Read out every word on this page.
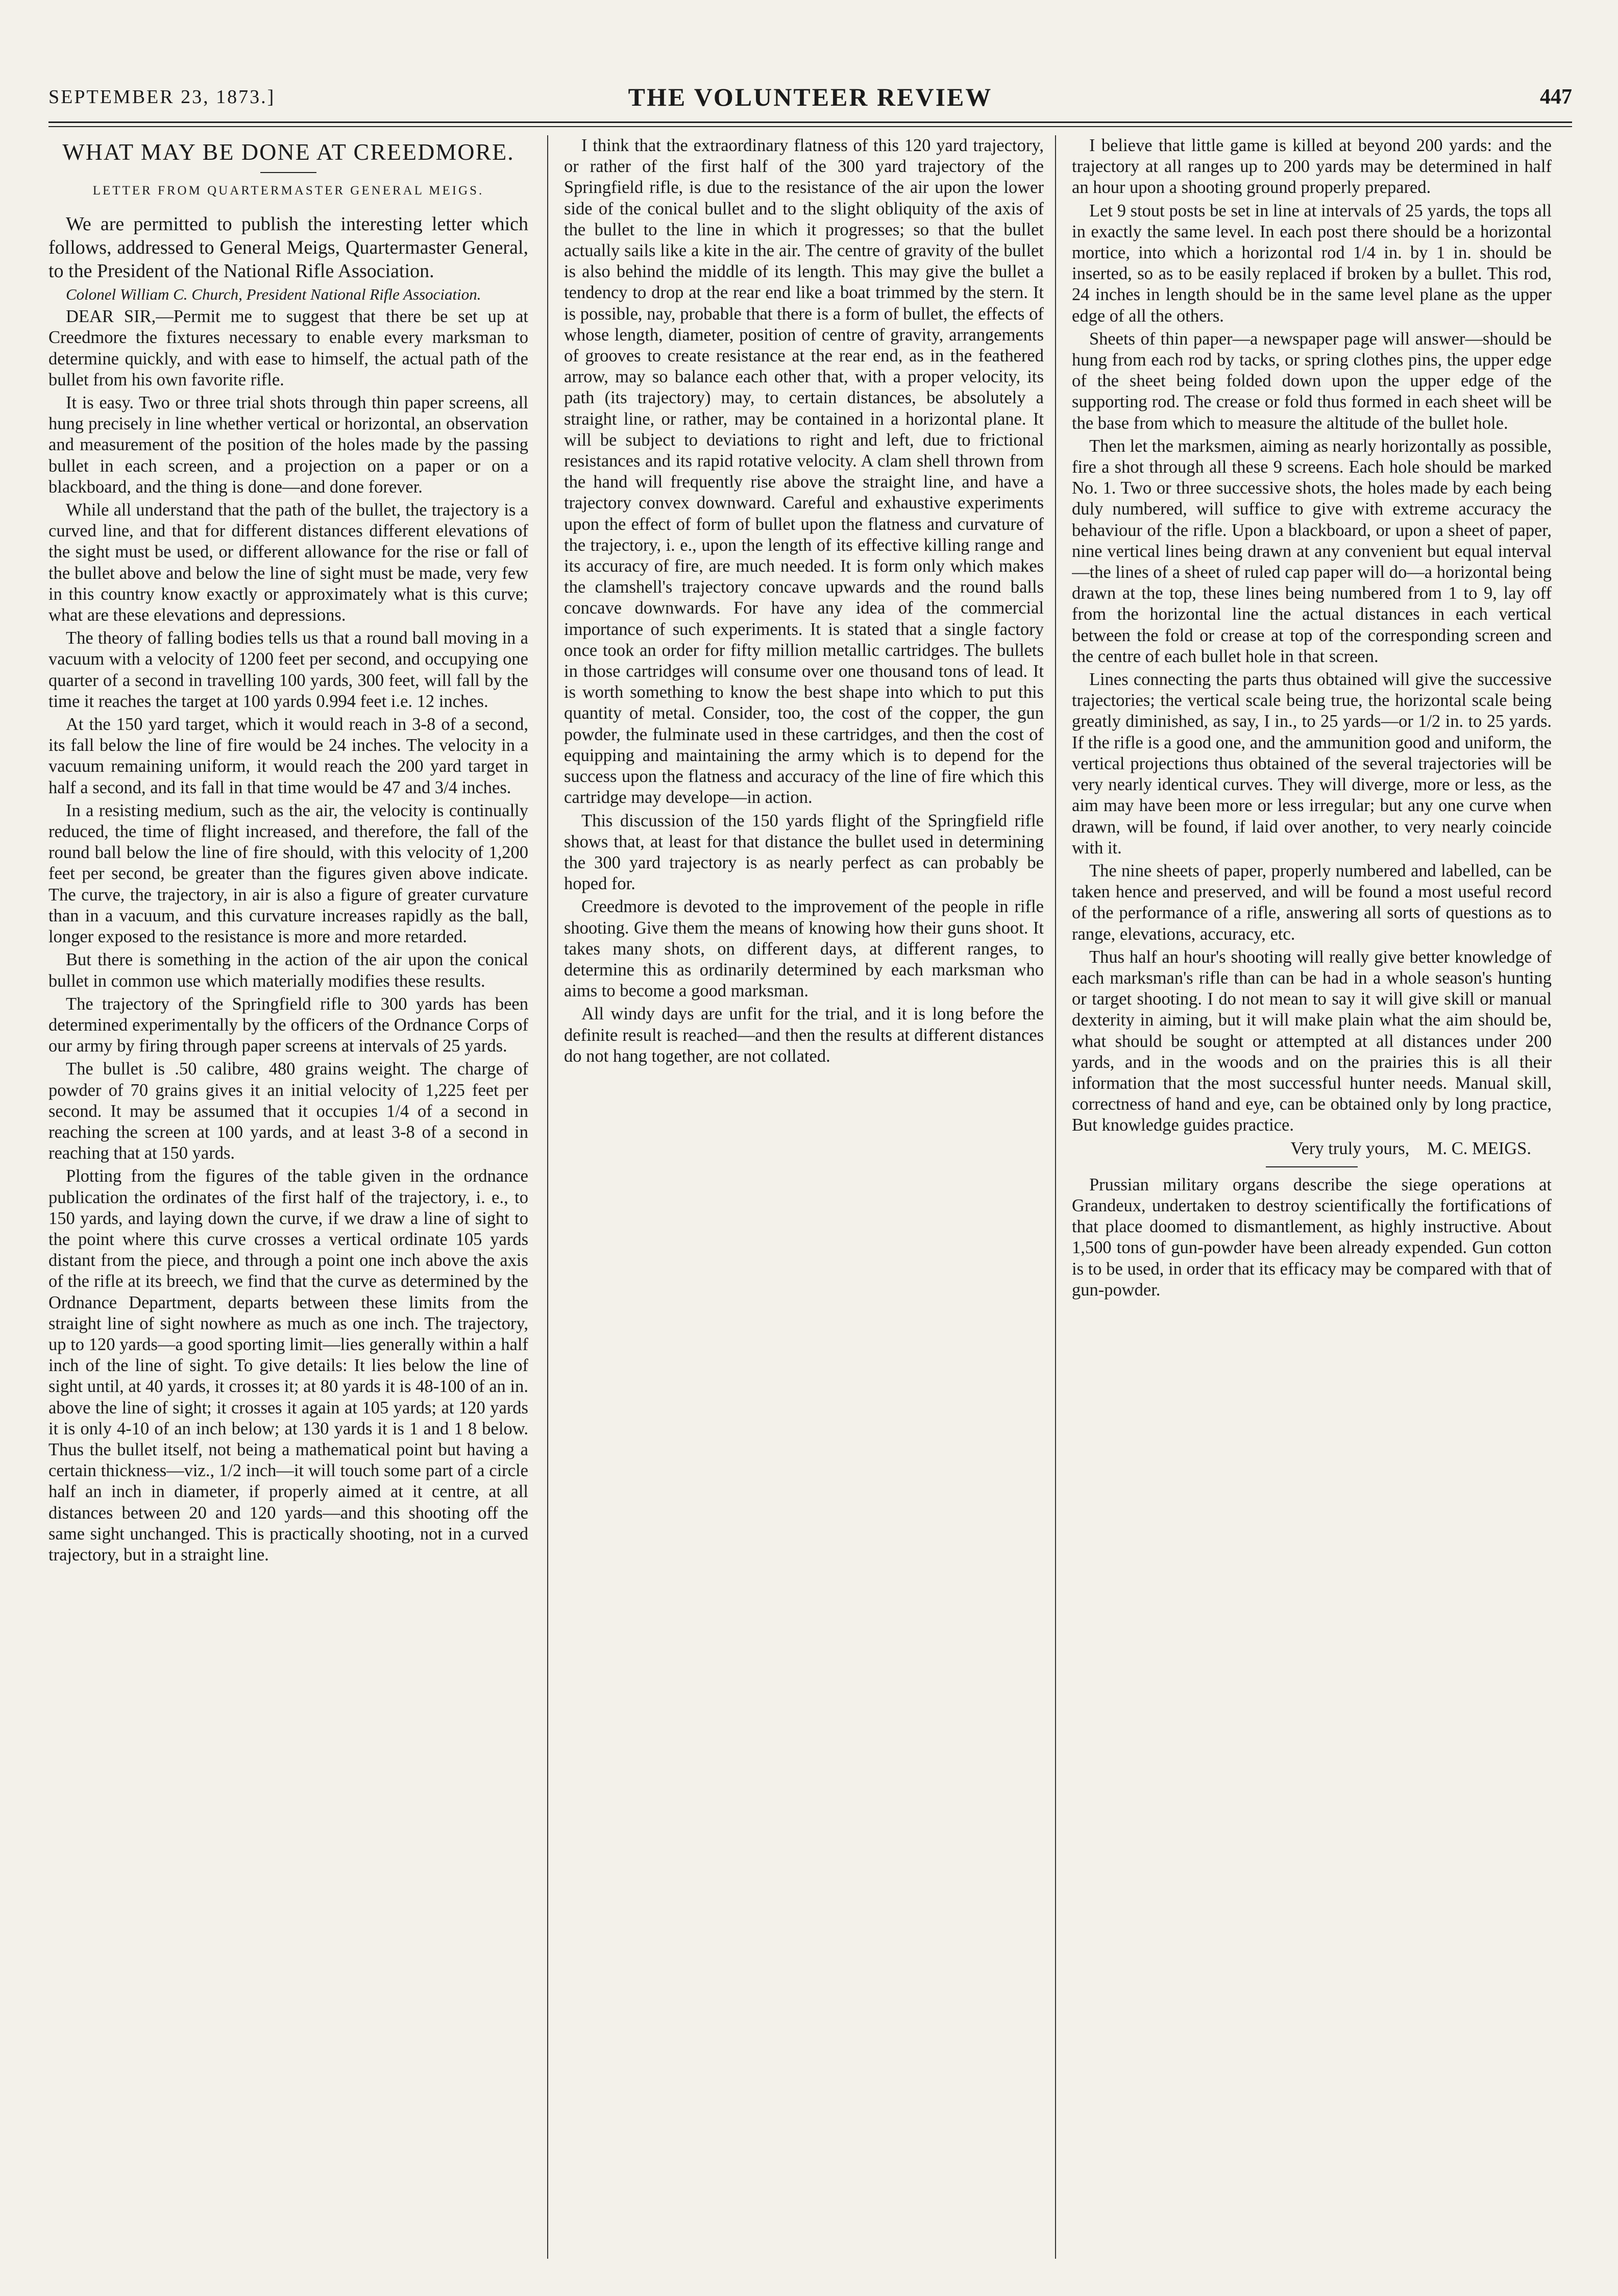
SEPTEMBER 23, 1873.]	THE VOLUNTEER REVIEW	447
WHAT MAY BE DONE AT CREEDMORE.
LETTER FROM QUARTERMASTER GENERAL MEIGS.

We are permitted to publish the interesting letter which follows, addressed to General Meigs, Quartermaster General, to the President of the National Rifle Association.

Colonel William C. Church, President National Rifle Association.

DEAR SIR,—Permit me to suggest that there be set up at Creedmore the fixtures necessary to enable every marksman to determine quickly, and with ease to himself, the actual path of the bullet from his own favorite rifle.

It is easy. Two or three trial shots through thin paper screens, all hung precisely in line whether vertical or horizontal, an observation and measurement of the position of the holes made by the passing bullet in each screen, and a projection on a paper or on a blackboard, and the thing is done—and done forever.

While all understand that the path of the bullet, the trajectory is a curved line, and that for different distances different elevations of the sight must be used, or different allowance for the rise or fall of the bullet above and below the line of sight must be made, very few in this country know exactly or approximately what is this curve; what are these elevations and depressions.

The theory of falling bodies tells us that a round ball moving in a vacuum with a velocity of 1200 feet per second, and occupying one quarter of a second in travelling 100 yards, 300 feet, will fall by the time it reaches the target at 100 yards 0.994 feet i.e. 12 inches.

At the 150 yard target, which it would reach in 3-8 of a second, its fall below the line of fire would be 24 inches. The velocity in a vacuum remaining uniform, it would reach the 200 yard target in half a second, and its fall in that time would be 47 and 3/4 inches.

In a resisting medium, such as the air, the velocity is continually reduced, the time of flight increased, and therefore, the fall of the round ball below the line of fire should, with this velocity of 1,200 feet per second, be greater than the figures given above indicate. The curve, the trajectory, in air is also a figure of greater curvature than in a vacuum, and this curvature increases rapidly as the ball, longer exposed to the resistance is more and more retarded.

But there is something in the action of the air upon the conical bullet in common use which materially modifies these results.

The trajectory of the Springfield rifle to 300 yards has been determined experimentally by the officers of the Ordnance Corps of our army by firing through paper screens at intervals of 25 yards.

The bullet is .50 calibre, 480 grains weight. The charge of powder of 70 grains gives it an initial velocity of 1,225 feet per second. It may be assumed that it occupies 1/4 of a second in reaching the screen at 100 yards, and at least 3-8 of a second in reaching that at 150 yards.

Plotting from the figures of the table given in the ordnance publication the ordinates of the first half of the trajectory, i. e., to 150 yards, and laying down the curve, if we draw a line of sight to the point where this curve crosses a vertical ordinate 105 yards distant from the piece, and through a point one inch above the axis of the rifle at its breech, we find that the curve as determined by the Ordnance Department, departs between these limits from the straight line of sight nowhere as much as one inch. The trajectory, up to 120 yards—a good sporting limit—lies generally within a half inch of the line of sight. To give details: It lies below the line of sight until, at 40 yards, it crosses it; at 80 yards it is 48-100 of an in. above the line of sight; it crosses it again at 105 yards; at 120 yards it is only 4-10 of an inch below; at 130 yards it is 1 and 1 8 below. Thus the bullet itself, not being a mathematical point but having a certain thickness—viz., 1/2 inch—it will touch some part of a circle half an inch in diameter, if properly aimed at it centre, at all distances between 20 and 120 yards—and this shooting off the same sight unchanged. This is practically shooting, not in a curved trajectory, but in a straight line.

I think that the extraordinary flatness of this 120 yard trajectory, or rather of the first half of the 300 yard trajectory of the Springfield rifle, is due to the resistance of the air upon the lower side of the conical bullet and to the slight obliquity of the axis of the bullet to the line in which it progresses; so that the bullet actually sails like a kite in the air. The centre of gravity of the bullet is also behind the middle of its length. This may give the bullet a tendency to drop at the rear end like a boat trimmed by the stern. It is possible, nay, probable that there is a form of bullet, the effects of whose length, diameter, position of centre of gravity, arrangements of grooves to create resistance at the rear end, as in the feathered arrow, may so balance each other that, with a proper velocity, its path (its trajectory) may, to certain distances, be absolutely a straight line, or rather, may be contained in a horizontal plane. It will be subject to deviations to right and left, due to frictional resistances and its rapid rotative velocity. A clam shell thrown from the hand will frequently rise above the straight line, and have a trajectory convex downward. Careful and exhaustive experiments upon the effect of form of bullet upon the flatness and curvature of the trajectory, i. e., upon the length of its effective killing range and its accuracy of fire, are much needed. It is form only which makes the clamshell's trajectory concave upwards and the round balls concave downwards. For have any idea of the commercial importance of such experiments. It is stated that a single factory once took an order for fifty million metallic cartridges. The bullets in those cartridges will consume over one thousand tons of lead. It is worth something to know the best shape into which to put this quantity of metal. Consider, too, the cost of the copper, the gun powder, the fulminate used in these cartridges, and then the cost of equipping and maintaining the army which is to depend for the success upon the flatness and accuracy of the line of fire which this cartridge may develope—in action.

This discussion of the 150 yards flight of the Springfield rifle shows that, at least for that distance the bullet used in determining the 300 yard trajectory is as nearly perfect as can probably be hoped for.

Creedmore is devoted to the improvement of the people in rifle shooting. Give them the means of knowing how their guns shoot. It takes many shots, on different days, at different ranges, to determine this as ordinarily determined by each marksman who aims to become a good marksman.

All windy days are unfit for the trial, and it is long before the definite result is reached—and then the results at different distances do not hang together, are not collated.

I believe that little game is killed at beyond 200 yards: and the trajectory at all ranges up to 200 yards may be determined in half an hour upon a shooting ground properly prepared.

Let 9 stout posts be set in line at intervals of 25 yards, the tops all in exactly the same level. In each post there should be a horizontal mortice, into which a horizontal rod 1/4 in. by 1 in. should be inserted, so as to be easily replaced if broken by a bullet. This rod, 24 inches in length should be in the same level plane as the upper edge of all the others.

Sheets of thin paper—a newspaper page will answer—should be hung from each rod by tacks, or spring clothes pins, the upper edge of the sheet being folded down upon the upper edge of the supporting rod. The crease or fold thus formed in each sheet will be the base from which to measure the altitude of the bullet hole.

Then let the marksmen, aiming as nearly horizontally as possible, fire a shot through all these 9 screens. Each hole should be marked No. 1. Two or three successive shots, the holes made by each being duly numbered, will suffice to give with extreme accuracy the behaviour of the rifle. Upon a blackboard, or upon a sheet of paper, nine vertical lines being drawn at any convenient but equal interval—the lines of a sheet of ruled cap paper will do—a horizontal being drawn at the top, these lines being numbered from 1 to 9, lay off from the horizontal line the actual distances in each vertical between the fold or crease at top of the corresponding screen and the centre of each bullet hole in that screen.

Lines connecting the parts thus obtained will give the successive trajectories; the vertical scale being true, the horizontal scale being greatly diminished, as say, I in., to 25 yards—or 1/2 in. to 25 yards. If the rifle is a good one, and the ammunition good and uniform, the vertical projections thus obtained of the several trajectories will be very nearly identical curves. They will diverge, more or less, as the aim may have been more or less irregular; but any one curve when drawn, will be found, if laid over another, to very nearly coincide with it.

The nine sheets of paper, properly numbered and labelled, can be taken hence and preserved, and will be found a most useful record of the performance of a rifle, answering all sorts of questions as to range, elevations, accuracy, etc.

Thus half an hour's shooting will really give better knowledge of each marksman's rifle than can be had in a whole season's hunting or target shooting. I do not mean to say it will give skill or manual dexterity in aiming, but it will make plain what the aim should be, what should be sought or attempted at all distances under 200 yards, and in the woods and on the prairies this is all their information that the most successful hunter needs. Manual skill, correctness of hand and eye, can be obtained only by long practice, But knowledge guides practice.

Very truly yours, M. C. MEIGS.

Prussian military organs describe the siege operations at Grandeux, undertaken to destroy scientifically the fortifications of that place doomed to dismantlement, as highly instructive. About 1,500 tons of gun-powder have been already expended. Gun cotton is to be used, in order that its efficacy may be compared with that of gun-powder.
